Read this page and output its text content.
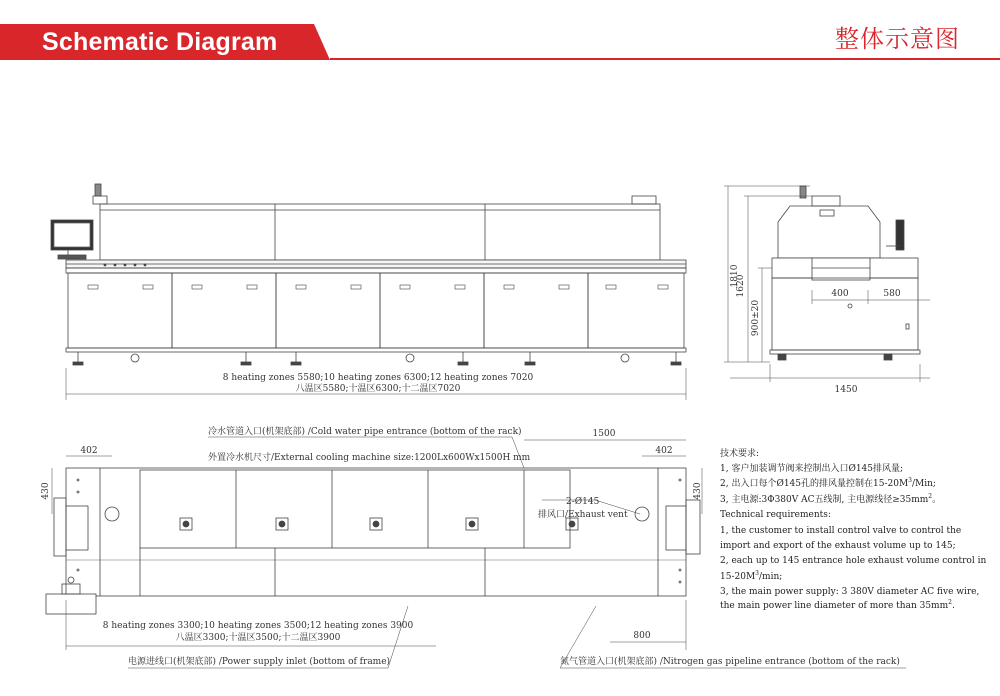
Schematic Diagram	整体示意图
8 heating zones 5580;10 heating zones 6300;12 heating zones 7020
八温区5580;十温区6300;十二温区7020
1810
1620
900±20
400	580
1450
402	402
430	430
1500
800
冷水管道入口(机架底部) /Cold water pipe entrance (bottom of the rack)
外置冷水机尺寸/External cooling machine size:1200Lx600Wx1500H mm
2-Ø145
排风口/Exhaust vent
8 heating zones 3300;10 heating zones 3500;12 heating zones 3900
八温区3300;十温区3500;十二温区3900
电源进线口(机架底部) /Power supply inlet (bottom of frame)	氮气管道入口(机架底部) /Nitrogen gas pipeline entrance (bottom of the rack)
技术要求:
1, 客户加装调节阀来控制出入口Ø145排风量;
2, 出入口每个Ø145孔的排风量控制在$15-20M^3$/Min;
3, 主电源:3Φ380V AC五线制, 主电源线径$\ge 35mm^2$。
Technical requirements:
1, the customer to install control valve to control the
import and export of the exhaust volume up to 145;
2, each up to 145 entrance hole exhaust volume control in
$15-20M^3/\min$;
3, the main power supply: 3 380V diameter AC five wire,
the main power line diameter of more than $35mm^2$.
